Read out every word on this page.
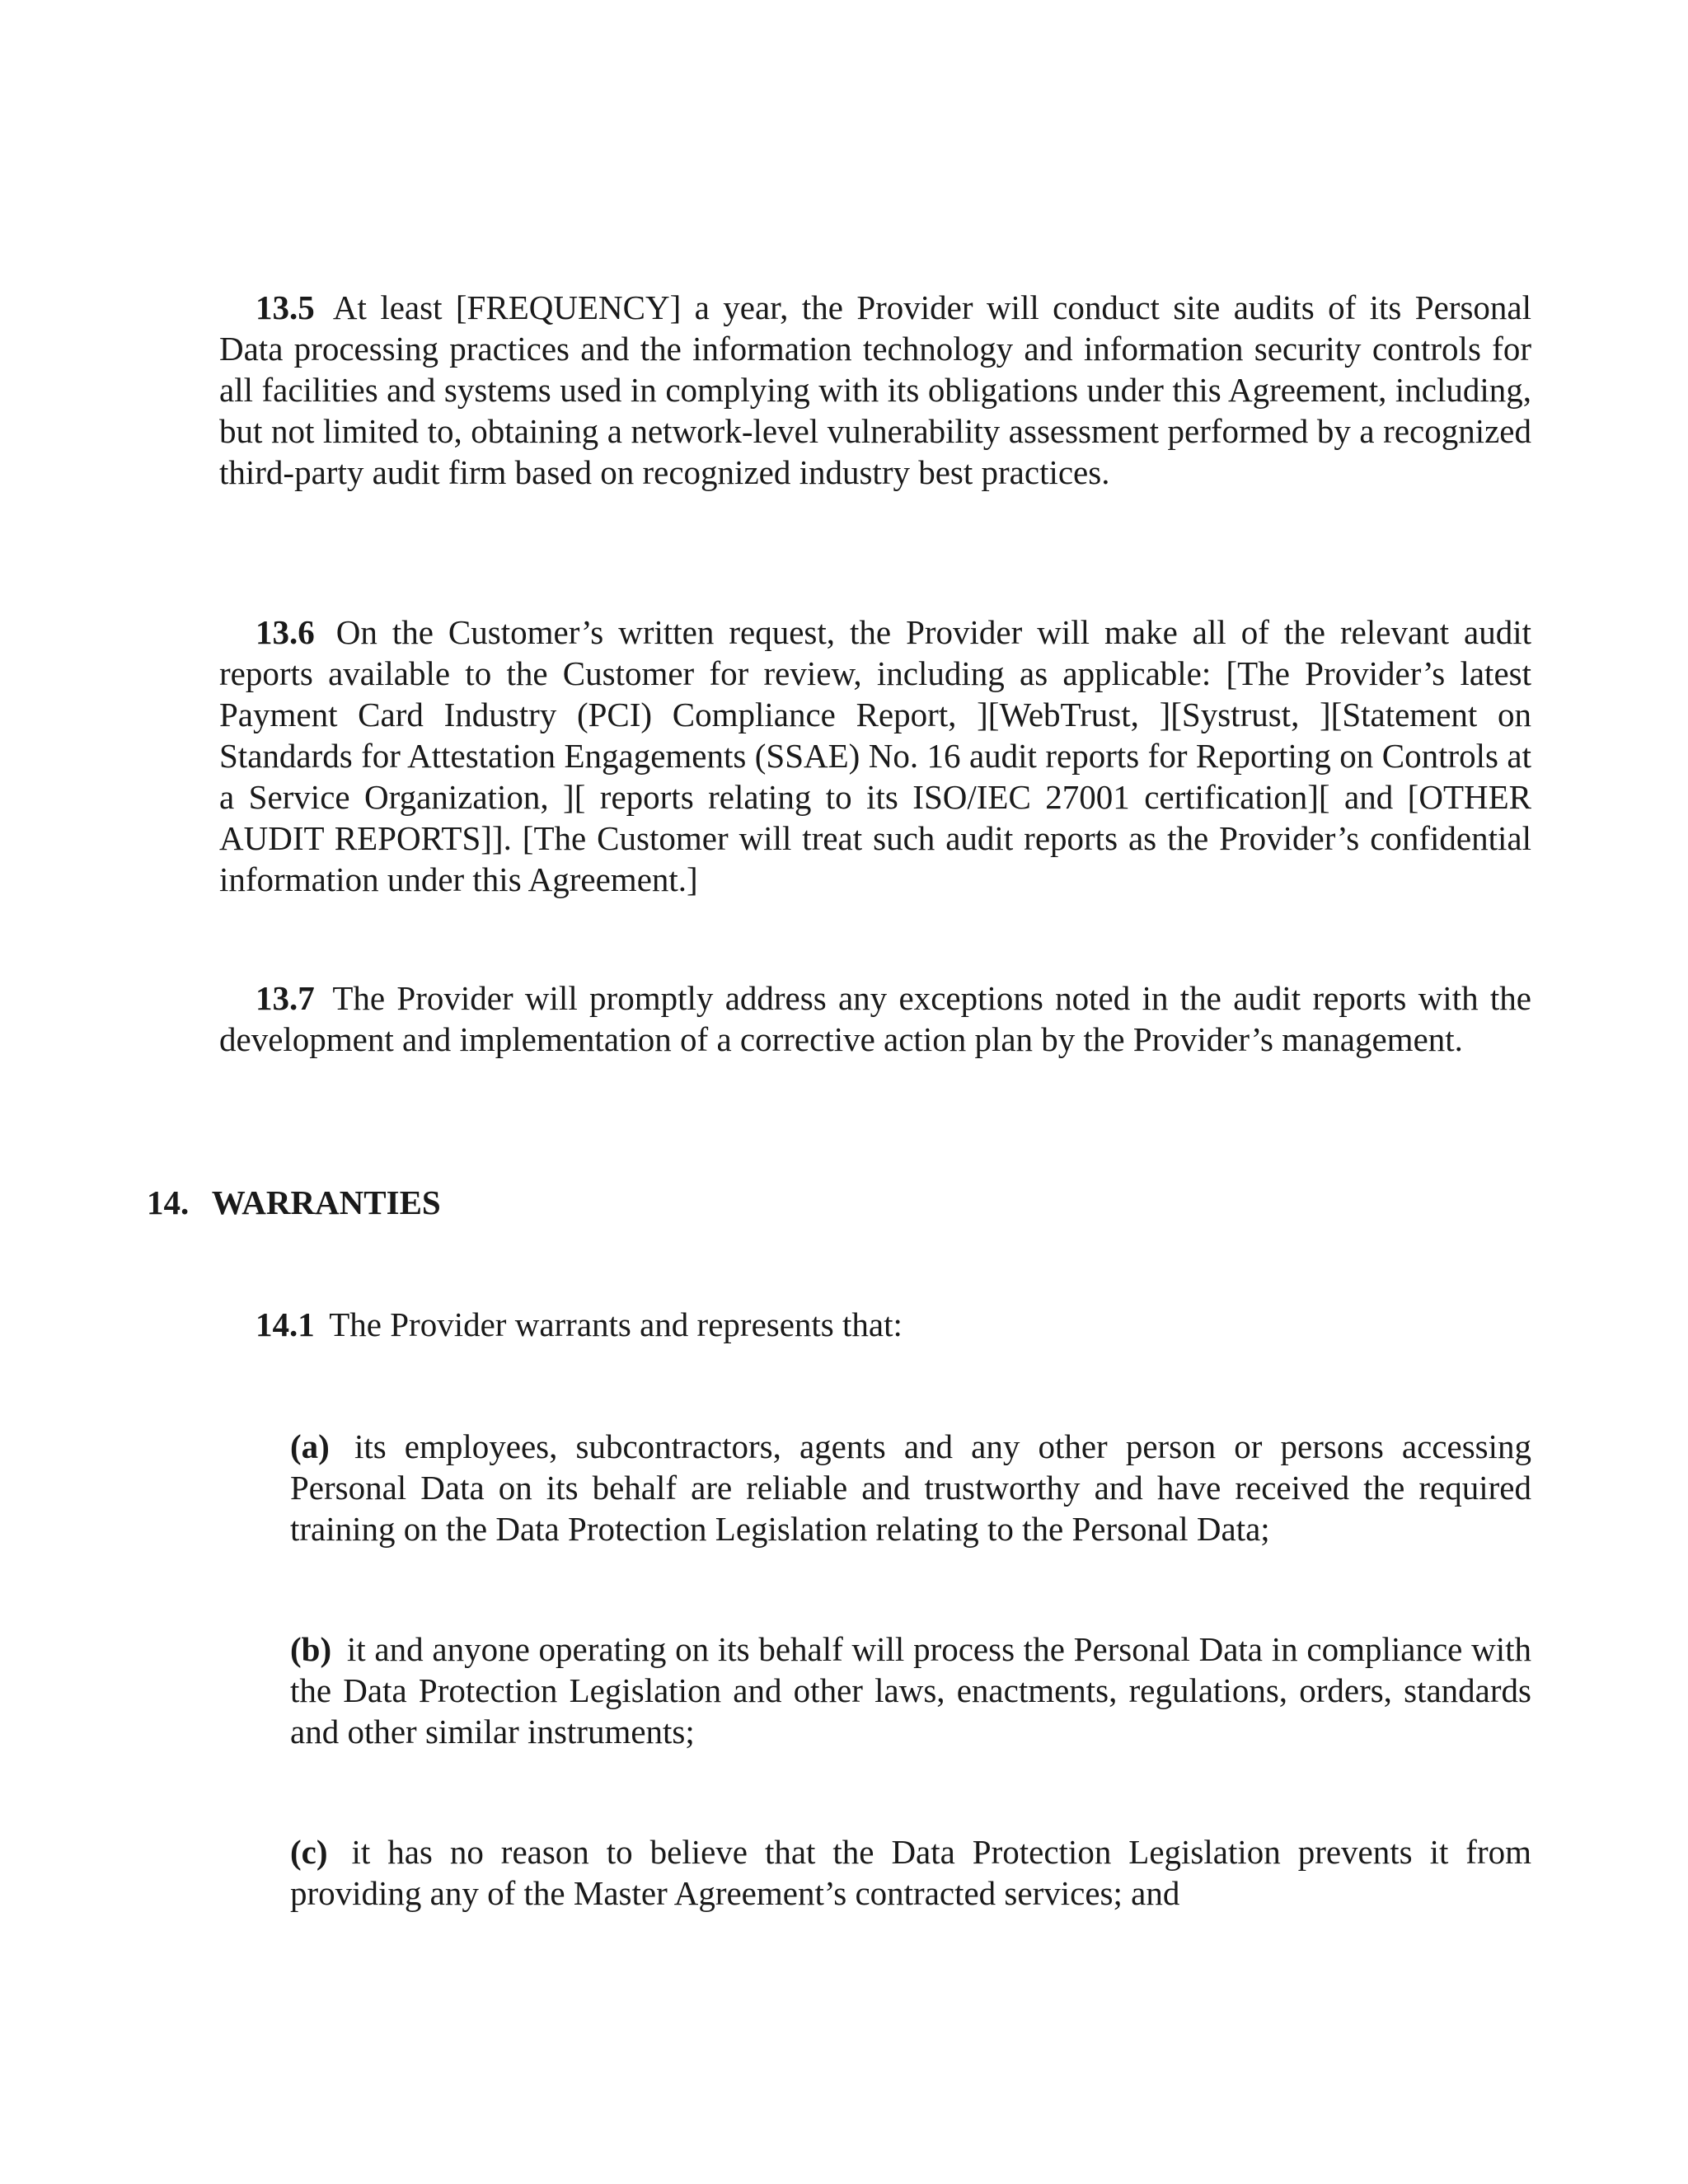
13.5 At least [FREQUENCY] a year, the Provider will conduct site audits of its Personal Data processing practices and the information technology and information security controls for all facilities and systems used in complying with its obligations under this Agreement, including, but not limited to, obtaining a network-level vulnerability assessment performed by a recognized third-party audit firm based on recognized industry best practices.

13.6 On the Customer’s written request, the Provider will make all of the relevant audit reports available to the Customer for review, including as applicable: [The Provider’s latest Payment Card Industry (PCI) Compliance Report, ][WebTrust, ][Systrust, ][Statement on Standards for Attestation Engagements (SSAE) No. 16 audit reports for Reporting on Controls at a Service Organization, ][ reports relating to its ISO/IEC 27001 certification][ and [OTHER AUDIT REPORTS]]. [The Customer will treat such audit reports as the Provider’s confidential information under this Agreement.]

13.7 The Provider will promptly address any exceptions noted in the audit reports with the development and implementation of a corrective action plan by the Provider’s management.

14. WARRANTIES

14.1 The Provider warrants and represents that:

(a) its employees, subcontractors, agents and any other person or persons accessing Personal Data on its behalf are reliable and trustworthy and have received the required training on the Data Protection Legislation relating to the Personal Data;

(b) it and anyone operating on its behalf will process the Personal Data in compliance with the Data Protection Legislation and other laws, enactments, regulations, orders, standards and other similar instruments;

(c) it has no reason to believe that the Data Protection Legislation prevents it from providing any of the Master Agreement’s contracted services; and
